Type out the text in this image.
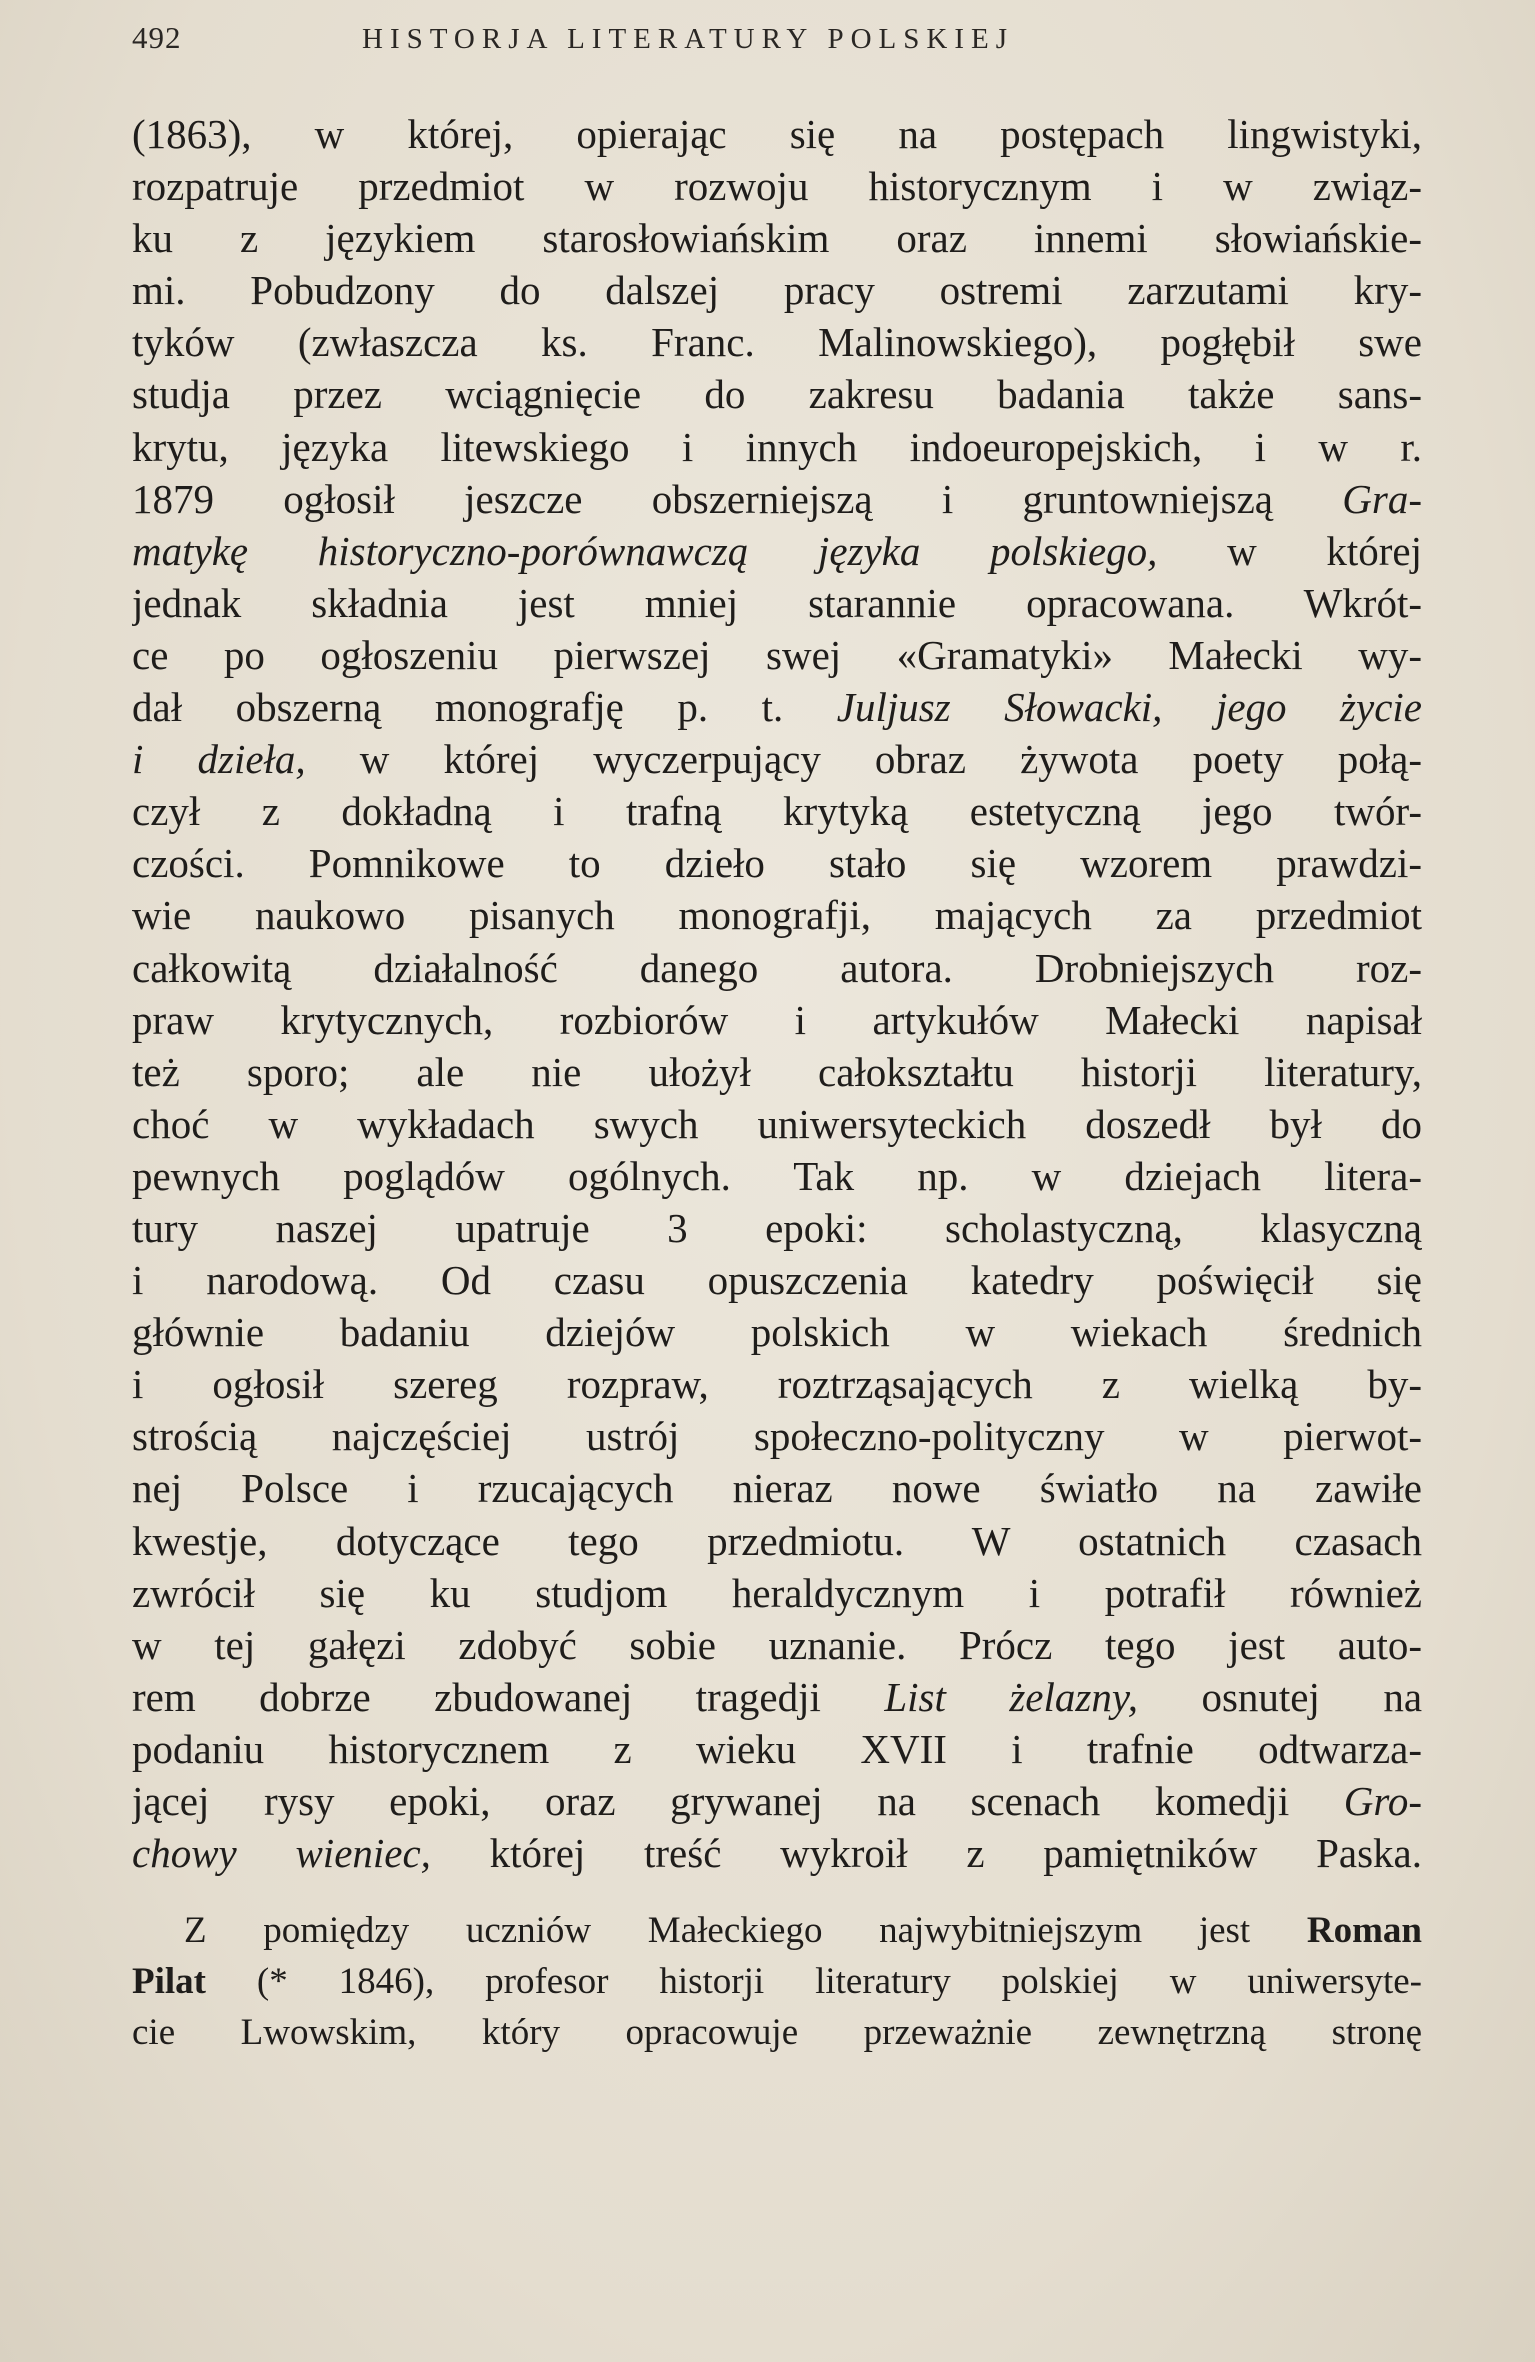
492	HISTORJA LITERATURY POLSKIEJ
(1863), w której, opierając się na postępach lingwistyki,
rozpatruje przedmiot w rozwoju historycznym i w związ-
ku z językiem starosłowiańskim oraz innemi słowiańskie-
mi. Pobudzony do dalszej pracy ostremi zarzutami kry-
tyków (zwłaszcza ks. Franc. Malinowskiego), pogłębił swe
studja przez wciągnięcie do zakresu badania także sans-
krytu, języka litewskiego i innych indoeuropejskich, i w r.
1879 ogłosił jeszcze obszerniejszą i gruntowniejszą Gra-
matykę historyczno-porównawczą języka polskiego, w której
jednak składnia jest mniej starannie opracowana. Wkrót-
ce po ogłoszeniu pierwszej swej «Gramatyki» Małecki wy-
dał obszerną monografję p. t. Juljusz Słowacki, jego życie
i dzieła, w której wyczerpujący obraz żywota poety połą-
czył z dokładną i trafną krytyką estetyczną jego twór-
czości. Pomnikowe to dzieło stało się wzorem prawdzi-
wie naukowo pisanych monografji, mających za przedmiot
całkowitą działalność danego autora. Drobniejszych roz-
praw krytycznych, rozbiorów i artykułów Małecki napisał
też sporo; ale nie ułożył całokształtu historji literatury,
choć w wykładach swych uniwersyteckich doszedł był do
pewnych poglądów ogólnych. Tak np. w dziejach litera-
tury naszej upatruje 3 epoki: scholastyczną, klasyczną
i narodową. Od czasu opuszczenia katedry poświęcił się
głównie badaniu dziejów polskich w wiekach średnich
i ogłosił szereg rozpraw, roztrząsających z wielką by-
strością najczęściej ustrój społeczno-polityczny w pierwot-
nej Polsce i rzucających nieraz nowe światło na zawiłe
kwestje, dotyczące tego przedmiotu. W ostatnich czasach
zwrócił się ku studjom heraldycznym i potrafił również
w tej gałęzi zdobyć sobie uznanie. Prócz tego jest auto-
rem dobrze zbudowanej tragedji List żelazny, osnutej na
podaniu historycznem z wieku XVII i trafnie odtwarza-
jącej rysy epoki, oraz grywanej na scenach komedji Gro-
chowy wieniec, której treść wykroił z pamiętników Paska.
Z pomiędzy uczniów Małeckiego najwybitniejszym jest Roman
Pilat (* 1846), profesor historji literatury polskiej w uniwersyte-
cie Lwowskim, który opracowuje przeważnie zewnętrzną stronę
